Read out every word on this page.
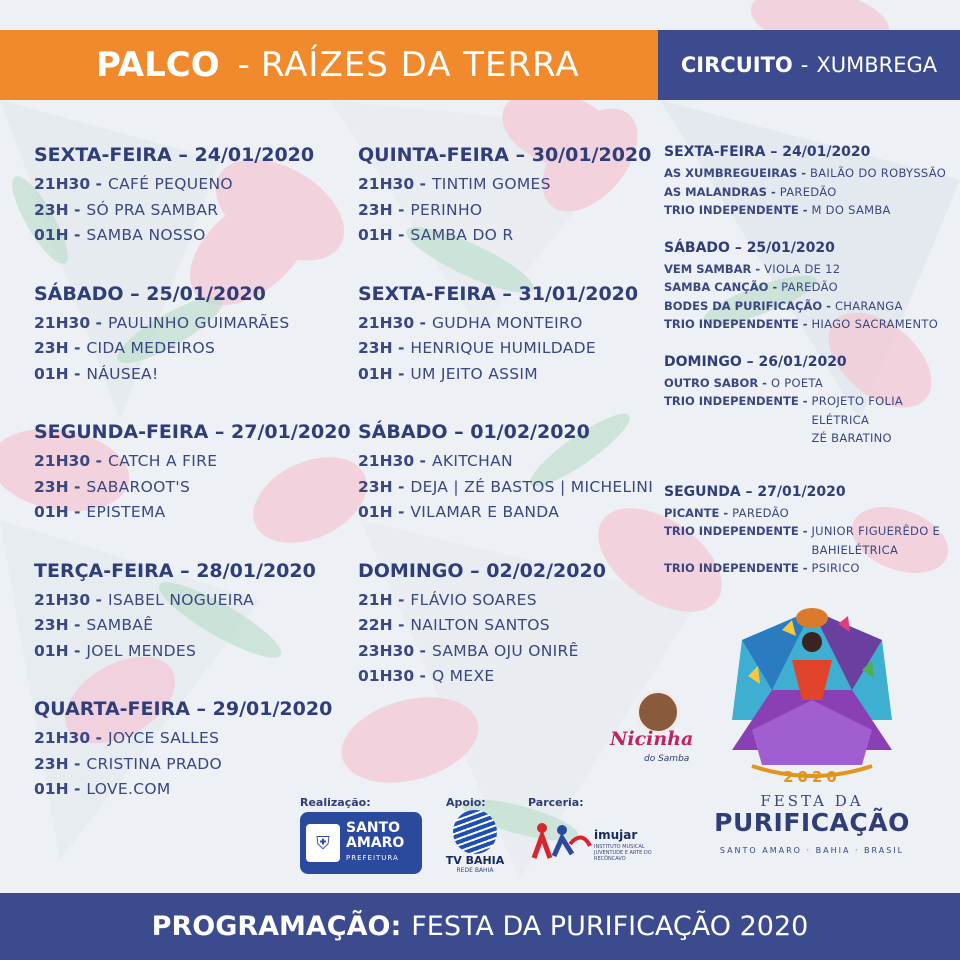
PALCO - RAÍZES DA TERRA	CIRCUITO - XUMBREGA
SEXTA-FEIRA – 24/01/2020
21H30 - CAFÉ PEQUENO
23H - SÓ PRA SAMBAR
01H - SAMBA NOSSO
SÁBADO – 25/01/2020
21H30 - PAULINHO GUIMARÃES
23H - CIDA MEDEIROS
01H - NÁUSEA!
SEGUNDA-FEIRA – 27/01/2020
21H30 - CATCH A FIRE
23H - SABAROOT'S
01H - EPISTEMA
TERÇA-FEIRA – 28/01/2020
21H30 - ISABEL NOGUEIRA
23H - SAMBAÊ
01H - JOEL MENDES
QUARTA-FEIRA – 29/01/2020
21H30 - JOYCE SALLES
23H - CRISTINA PRADO
01H - LOVE.COM
QUINTA-FEIRA – 30/01/2020
21H30 - TINTIM GOMES
23H - PERINHO
01H - SAMBA DO R
SEXTA-FEIRA – 31/01/2020
21H30 - GUDHA MONTEIRO
23H - HENRIQUE HUMILDADE
01H - UM JEITO ASSIM
SÁBADO – 01/02/2020
21H30 - AKITCHAN
23H - DEJA | ZÉ BASTOS | MICHELINI
01H - VILAMAR E BANDA
DOMINGO – 02/02/2020
21H - FLÁVIO SOARES
22H - NAILTON SANTOS
23H30 - SAMBA OJU ONIRÊ
01H30 - Q MEXE
SEXTA-FEIRA – 24/01/2020
AS XUMBREGUEIRAS - BAILÃO DO ROBYSSÃO
AS MALANDRAS - PAREDÃO
TRIO INDEPENDENTE - M DO SAMBA
SÁBADO – 25/01/2020
VEM SAMBAR - VIOLA DE 12
SAMBA CANÇÃO - PAREDÃO
BODES DA PURIFICAÇÃO - CHARANGA
TRIO INDEPENDENTE - HIAGO SACRAMENTO
DOMINGO – 26/01/2020
OUTRO SABOR - O POETA
TRIO INDEPENDENTE - PROJETO FOLIA ELÉTRICA
ZÉ BARATINO
SEGUNDA – 27/01/2020
PICANTE - PAREDÃO
TRIO INDEPENDENTE - JUNIOR FIGUERÊDO E
BAHIELÉTRICA
TRIO INDEPENDENTE - PSIRICO
Realização:	Apoio:	Parceria:
⛨
SANTO
AMARO
PREFEITURA	TV BAHIA
REDE BAHIA
imujar
INSTITUTO MUSICAL JUVENTUDE E ARTE DO RECÔNCAVO
Nicinha
do Samba
2020
FESTA DA
PURIFICAÇÃO
SANTO AMARO · BAHIA · BRASIL
PROGRAMAÇÃO: FESTA DA PURIFICAÇÃO 2020
